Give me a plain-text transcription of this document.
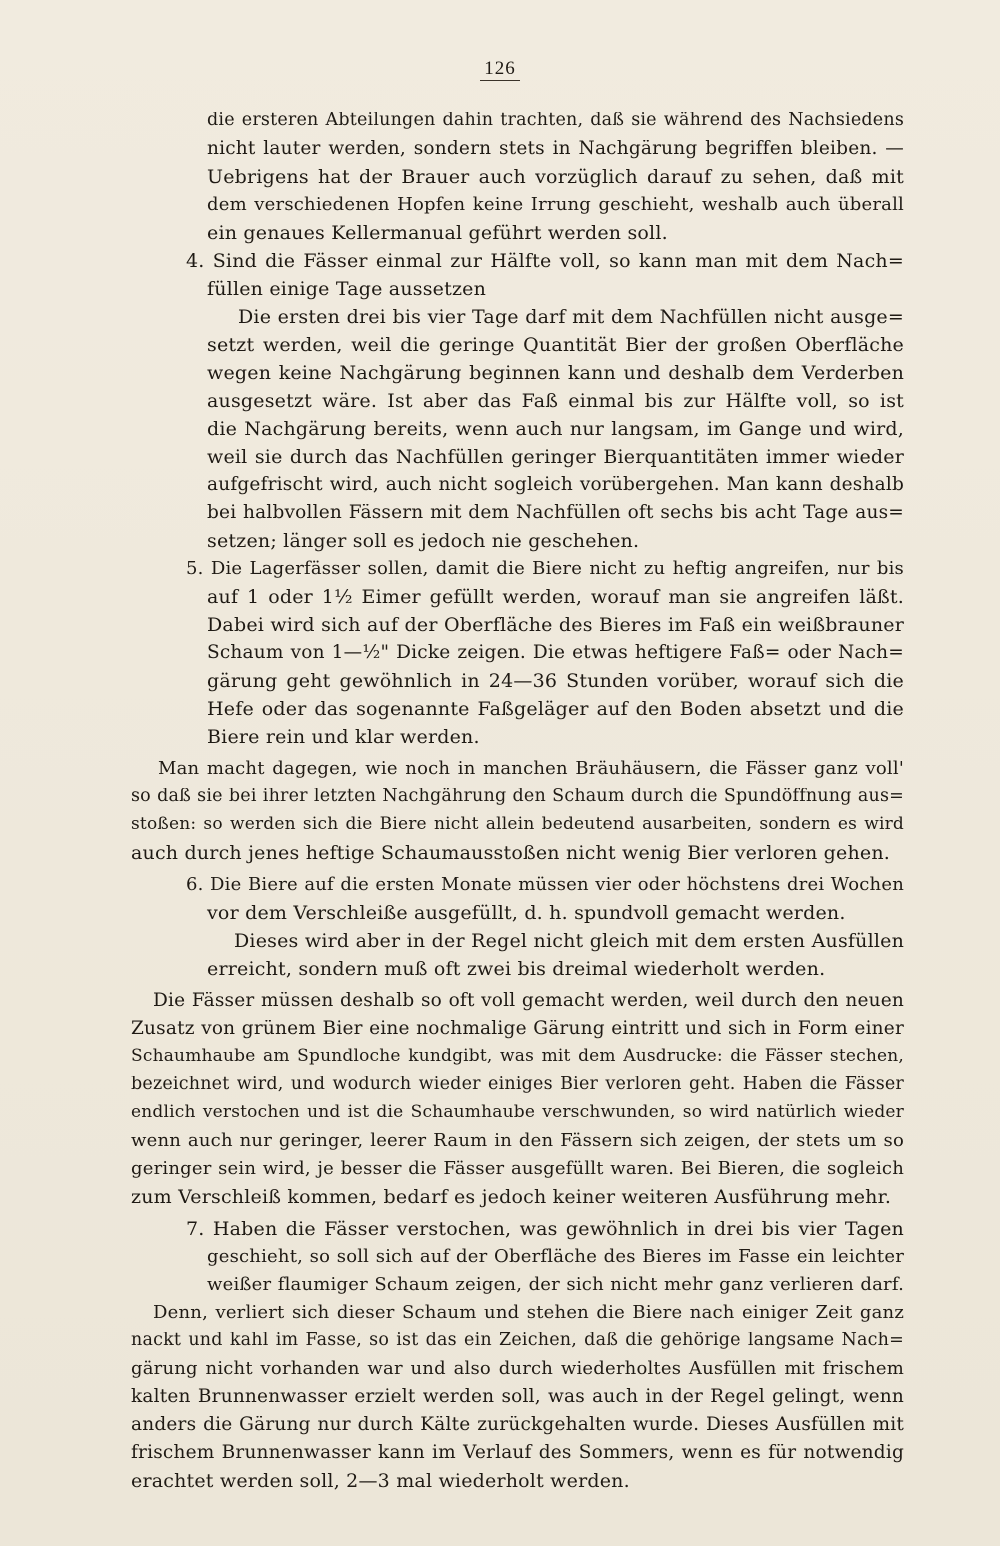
126
die ersteren Abteilungen dahin trachten, daß sie während des Nachsiedens
nicht lauter werden, sondern stets in Nachgärung begriffen bleiben. —
Uebrigens hat der Brauer auch vorzüglich darauf zu sehen, daß mit
dem verschiedenen Hopfen keine Irrung geschieht, weshalb auch überall
ein genaues Kellermanual geführt werden soll.
4. Sind die Fässer einmal zur Hälfte voll, so kann man mit dem Nach=
füllen einige Tage aussetzen
Die ersten drei bis vier Tage darf mit dem Nachfüllen nicht ausge=
setzt werden, weil die geringe Quantität Bier der großen Oberfläche
wegen keine Nachgärung beginnen kann und deshalb dem Verderben
ausgesetzt wäre. Ist aber das Faß einmal bis zur Hälfte voll, so ist
die Nachgärung bereits, wenn auch nur langsam, im Gange und wird,
weil sie durch das Nachfüllen geringer Bierquantitäten immer wieder
aufgefrischt wird, auch nicht sogleich vorübergehen. Man kann deshalb
bei halbvollen Fässern mit dem Nachfüllen oft sechs bis acht Tage aus=
setzen; länger soll es jedoch nie geschehen.
5. Die Lagerfässer sollen, damit die Biere nicht zu heftig angreifen, nur bis
auf 1 oder 1½ Eimer gefüllt werden, worauf man sie angreifen läßt.
Dabei wird sich auf der Oberfläche des Bieres im Faß ein weißbrauner
Schaum von 1—½" Dicke zeigen. Die etwas heftigere Faß= oder Nach=
gärung geht gewöhnlich in 24—36 Stunden vorüber, worauf sich die
Hefe oder das sogenannte Faßgeläger auf den Boden absetzt und die
Biere rein und klar werden.
Man macht dagegen, wie noch in manchen Bräuhäusern, die Fässer ganz voll'
so daß sie bei ihrer letzten Nachgährung den Schaum durch die Spundöffnung aus=
stoßen: so werden sich die Biere nicht allein bedeutend ausarbeiten, sondern es wird
auch durch jenes heftige Schaumausstoßen nicht wenig Bier verloren gehen.
6. Die Biere auf die ersten Monate müssen vier oder höchstens drei Wochen
vor dem Verschleiße ausgefüllt, d. h. spundvoll gemacht werden.
Dieses wird aber in der Regel nicht gleich mit dem ersten Ausfüllen
erreicht, sondern muß oft zwei bis dreimal wiederholt werden.
Die Fässer müssen deshalb so oft voll gemacht werden, weil durch den neuen
Zusatz von grünem Bier eine nochmalige Gärung eintritt und sich in Form einer
Schaumhaube am Spundloche kundgibt, was mit dem Ausdrucke: die Fässer stechen,
bezeichnet wird, und wodurch wieder einiges Bier verloren geht. Haben die Fässer
endlich verstochen und ist die Schaumhaube verschwunden, so wird natürlich wieder
wenn auch nur geringer, leerer Raum in den Fässern sich zeigen, der stets um so
geringer sein wird, je besser die Fässer ausgefüllt waren. Bei Bieren, die sogleich
zum Verschleiß kommen, bedarf es jedoch keiner weiteren Ausführung mehr.
7. Haben die Fässer verstochen, was gewöhnlich in drei bis vier Tagen
geschieht, so soll sich auf der Oberfläche des Bieres im Fasse ein leichter
weißer flaumiger Schaum zeigen, der sich nicht mehr ganz verlieren darf.
Denn, verliert sich dieser Schaum und stehen die Biere nach einiger Zeit ganz
nackt und kahl im Fasse, so ist das ein Zeichen, daß die gehörige langsame Nach=
gärung nicht vorhanden war und also durch wiederholtes Ausfüllen mit frischem
kalten Brunnenwasser erzielt werden soll, was auch in der Regel gelingt, wenn
anders die Gärung nur durch Kälte zurückgehalten wurde. Dieses Ausfüllen mit
frischem Brunnenwasser kann im Verlauf des Sommers, wenn es für notwendig
erachtet werden soll, 2—3 mal wiederholt werden.
